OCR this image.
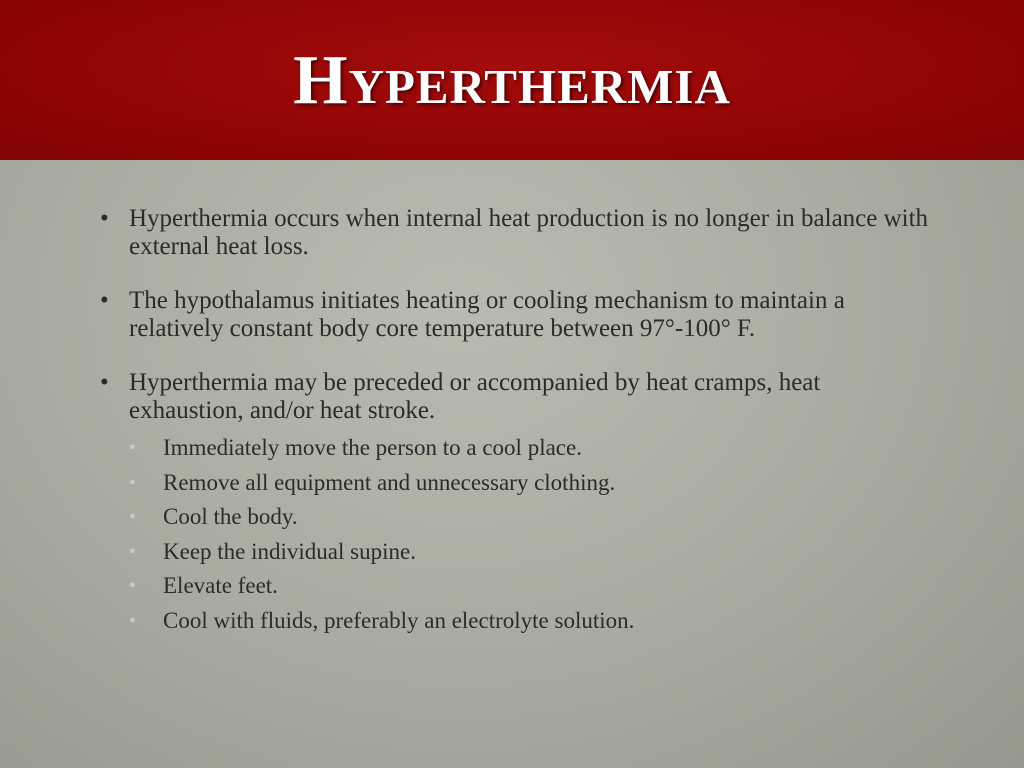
Hyperthermia
• Hyperthermia occurs when internal heat production is no longer in balance with external heat loss.
• The hypothalamus initiates heating or cooling mechanism to maintain a relatively constant body core temperature between 97°-100° F.
• Hyperthermia may be preceded or accompanied by heat cramps, heat exhaustion, and/or heat stroke.
• Immediately move the person to a cool place.
• Remove all equipment and unnecessary clothing.
• Cool the body.
• Keep the individual supine.
• Elevate feet.
• Cool with fluids, preferably an electrolyte solution.
